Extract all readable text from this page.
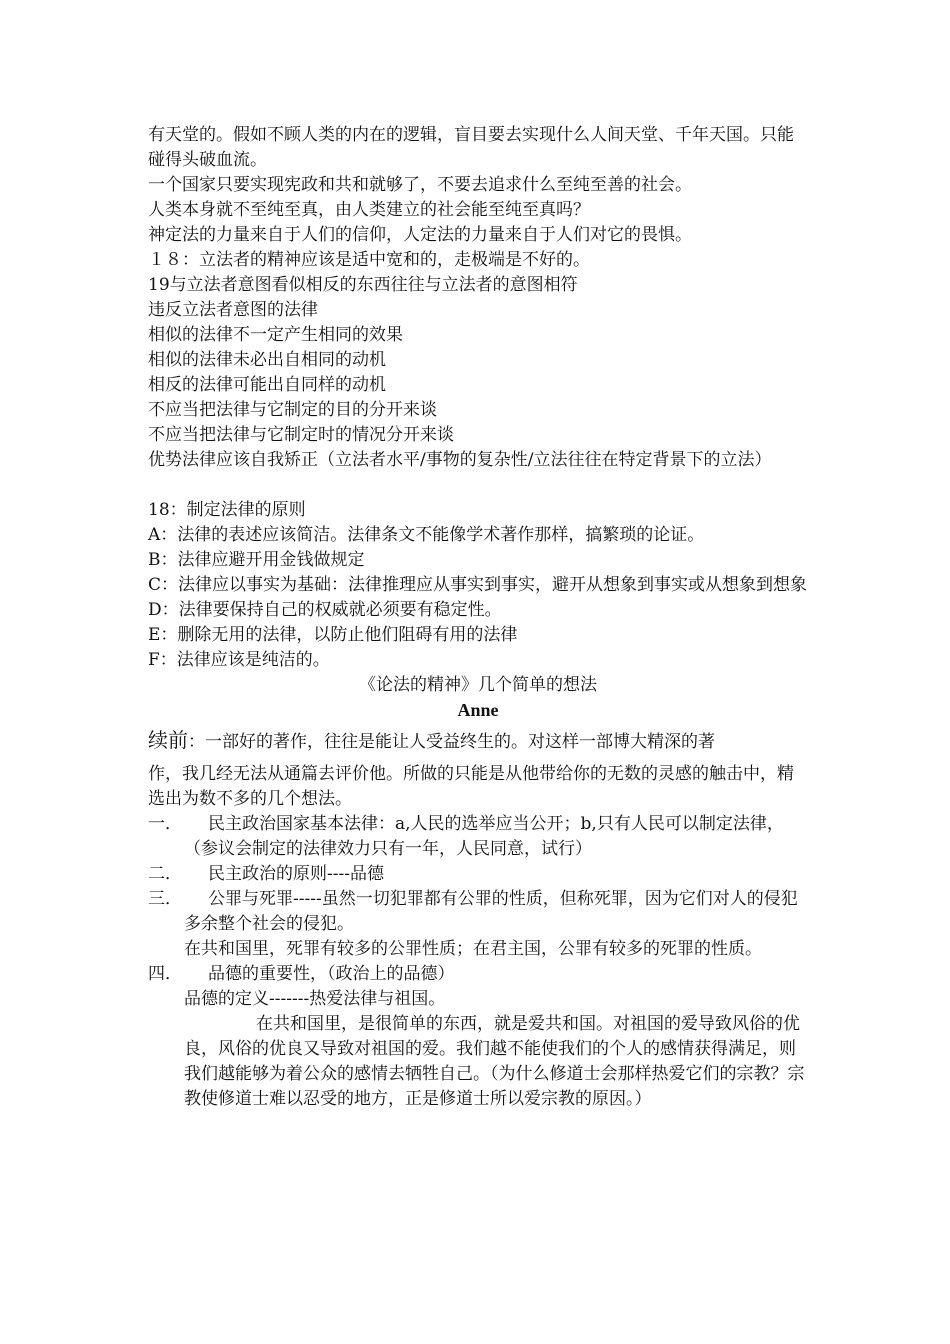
有天堂的。假如不顾人类的内在的逻辑，盲目要去实现什么人间天堂、千年天国。只能碰得头破血流。
一个国家只要实现宪政和共和就够了，不要去追求什么至纯至善的社会。
人类本身就不至纯至真，由人类建立的社会能至纯至真吗？
神定法的力量来自于人们的信仰，人定法的力量来自于人们对它的畏惧。
１８：立法者的精神应该是适中宽和的，走极端是不好的。
19与立法者意图看似相反的东西往往与立法者的意图相符
违反立法者意图的法律
相似的法律不一定产生相同的效果
相似的法律未必出自相同的动机
相反的法律可能出自同样的动机
不应当把法律与它制定的目的分开来谈
不应当把法律与它制定时的情况分开来谈
优势法律应该自我矫正（立法者水平/事物的复杂性/立法往往在特定背景下的立法）
18：制定法律的原则
A：法律的表述应该简洁。法律条文不能像学术著作那样，搞繁琐的论证。
B：法律应避开用金钱做规定
C：法律应以事实为基础：法律推理应从事实到事实，避开从想象到事实或从想象到想象
D：法律要保持自己的权威就必须要有稳定性。
E：删除无用的法律，以防止他们阻碍有用的法律
F：法律应该是纯洁的。
《论法的精神》几个简单的想法
Anne
续前：一部好的著作，往往是能让人受益终生的。对这样一部博大精深的著
作，我几经无法从通篇去评价他。所做的只能是从他带给你的无数的灵感的触击中，精选出为数不多的几个想法。
一．	民主政治国家基本法律：a,人民的选举应当公开；b,只有人民可以制定法律，（参议会制定的法律效力只有一年，人民同意，试行）
二．	民主政治的原则----品德
三．	公罪与死罪-----虽然一切犯罪都有公罪的性质，但称死罪，因为它们对人的侵犯多余整个社会的侵犯。
在共和国里，死罪有较多的公罪性质；在君主国，公罪有较多的死罪的性质。
四．	品德的重要性，（政治上的品德）
品德的定义-------热爱法律与祖国。
在共和国里，是很简单的东西，就是爱共和国。对祖国的爱导致风俗的优良，风俗的优良又导致对祖国的爱。我们越不能使我们的个人的感情获得满足，则我们越能够为着公众的感情去牺牲自己。（为什么修道士会那样热爱它们的宗教？宗教使修道士难以忍受的地方，正是修道士所以爱宗教的原因。）
